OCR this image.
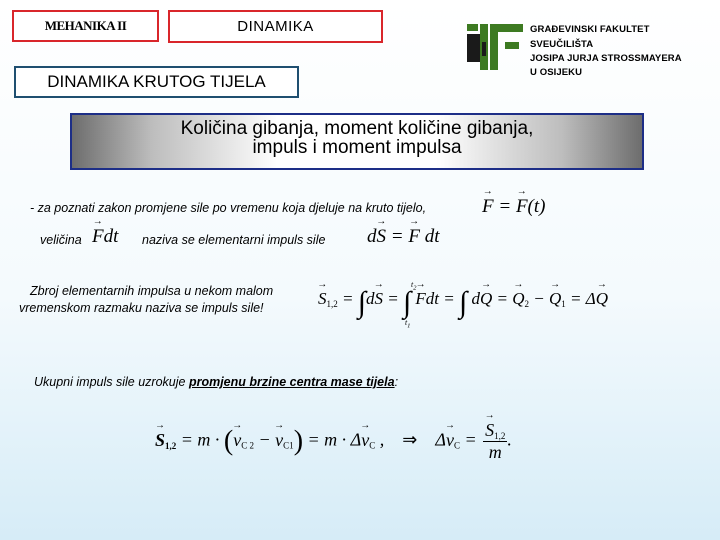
MEHANIKA II	DINAMIKA
DINAMIKA KRUTOG TIJELA
GRAĐEVINSKI FAKULTET
SVEUČILIŠTA
JOSIPA JURJA STROSSMAYERA
U OSIJEKU
Količina gibanja, moment količine gibanja,
impuls i moment impulsa
- za poznati zakon promjene sile po vremenu koja djeluje na kruto tijelo,	→ F = → F(t)
veličina → Fdt naziva se elementarni impuls sile d→ S = → F dt
Zbroj elementarnih impulsa u nekom malom
vremenskom razmaku naziva se impuls sile!	→ $S_{1,2} = \int d\to S$ = ∫
$t_2$
$t_1$
→ Fdt = ∫ d→ Q = → $Q_2$ − → $Q_1 = \Delta\to Q$
Ukupni impuls sile uzrokuje promjenu brzine centra mase tijela:
→ $S_{1,2} = m$ · (→ $v_{C 2}$ − → $v_{C1}) = m \cdot \Delta\to v_C$ ,    ⇒    $\Delta\to v_C$ = → $\frac{S_{1,2}}{m}$ .
